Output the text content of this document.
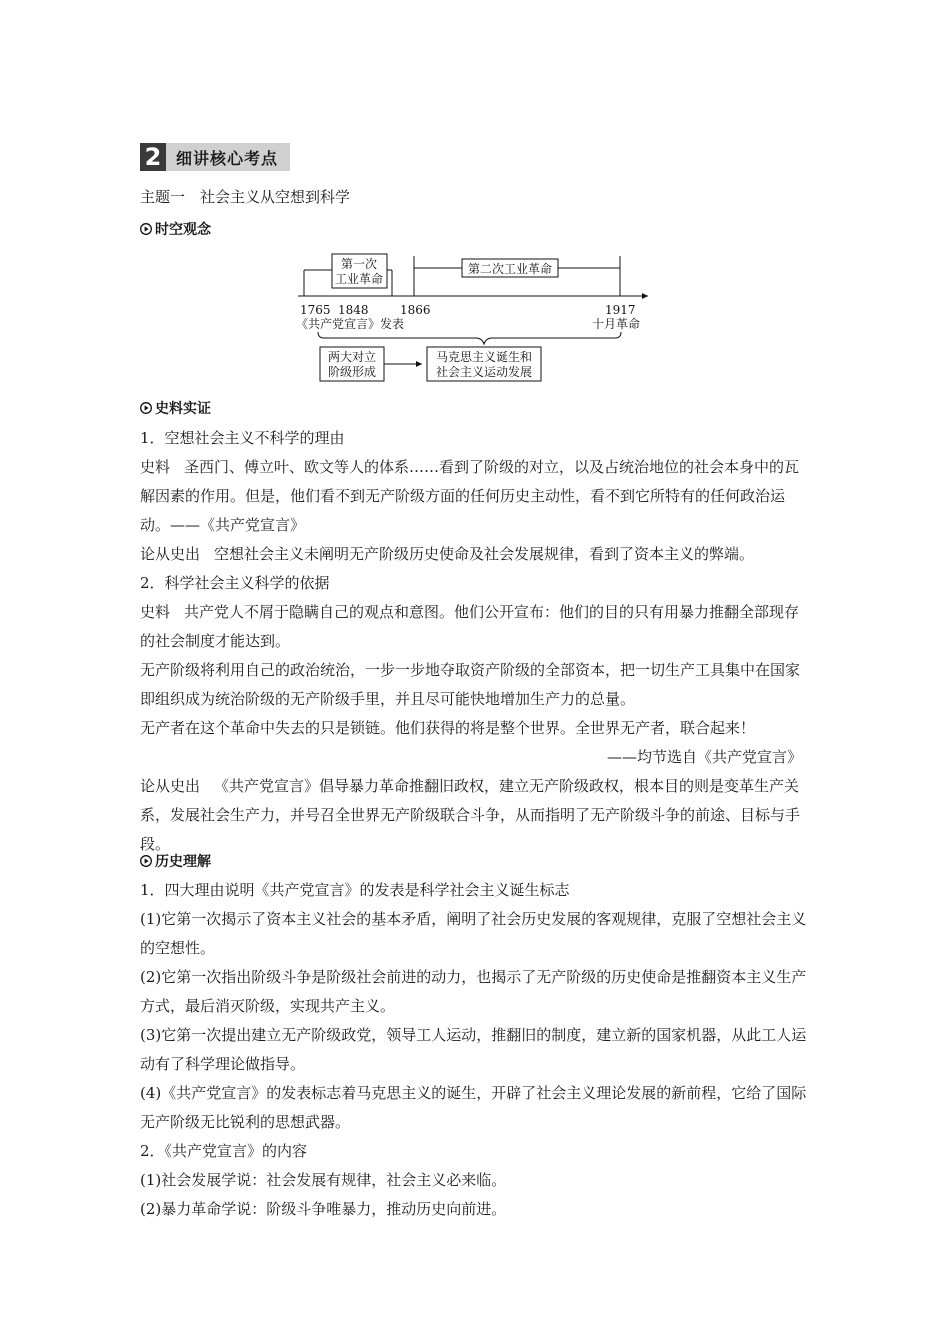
2 细讲核心考点
主题一　社会主义从空想到科学
时空观念
第一次
工业革命
第二次工业革命
1765 1848	1866	1917
《共产党宣言》发表	十月革命
两大对立
阶级形成
马克思主义诞生和
社会主义运动发展
史料实证

1．空想社会主义不科学的理由

史料 圣西门、傅立叶、欧文等人的体系……看到了阶级的对立，以及占统治地位的社会本身中的瓦解因素的作用。但是，他们看不到无产阶级方面的任何历史主动性，看不到它所特有的任何政治运动。——《共产党宣言》

论从史出 空想社会主义未阐明无产阶级历史使命及社会发展规律，看到了资本主义的弊端。

2．科学社会主义科学的依据

史料 共产党人不屑于隐瞒自己的观点和意图。他们公开宣布：他们的目的只有用暴力推翻全部现存的社会制度才能达到。

无产阶级将利用自己的政治统治，一步一步地夺取资产阶级的全部资本，把一切生产工具集中在国家即组织成为统治阶级的无产阶级手里，并且尽可能快地增加生产力的总量。

无产者在这个革命中失去的只是锁链。他们获得的将是整个世界。全世界无产者，联合起来！

——均节选自《共产党宣言》

论从史出 《共产党宣言》倡导暴力革命推翻旧政权，建立无产阶级政权，根本目的则是变革生产关系，发展社会生产力，并号召全世界无产阶级联合斗争，从而指明了无产阶级斗争的前途、目标与手段。

历史理解

1．四大理由说明《共产党宣言》的发表是科学社会主义诞生标志

(1)它第一次揭示了资本主义社会的基本矛盾，阐明了社会历史发展的客观规律，克服了空想社会主义的空想性。

(2)它第一次指出阶级斗争是阶级社会前进的动力，也揭示了无产阶级的历史使命是推翻资本主义生产方式，最后消灭阶级，实现共产主义。

(3)它第一次提出建立无产阶级政党，领导工人运动，推翻旧的制度，建立新的国家机器，从此工人运动有了科学理论做指导。

(4)《共产党宣言》的发表标志着马克思主义的诞生，开辟了社会主义理论发展的新前程，它给了国际无产阶级无比锐利的思想武器。

2．《共产党宣言》的内容

(1)社会发展学说：社会发展有规律，社会主义必来临。

(2)暴力革命学说：阶级斗争唯暴力，推动历史向前进。
